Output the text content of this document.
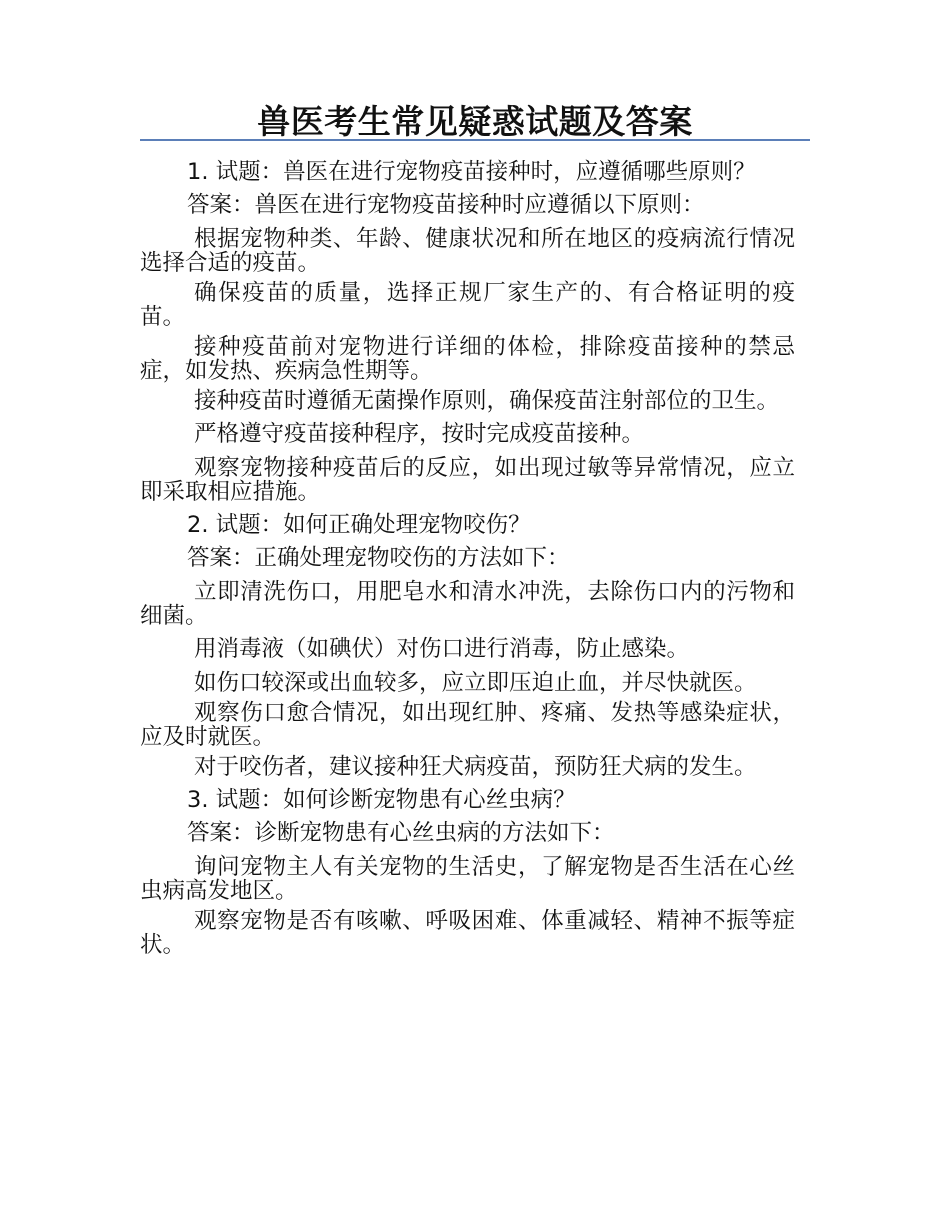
兽医考生常见疑惑试题及答案
1. 试题：兽医在进行宠物疫苗接种时，应遵循哪些原则？
答案：兽医在进行宠物疫苗接种时应遵循以下原则：
根据宠物种类、年龄、健康状况和所在地区的疫病流行情况选择合适的疫苗。
确保疫苗的质量，选择正规厂家生产的、有合格证明的疫苗。
接种疫苗前对宠物进行详细的体检，排除疫苗接种的禁忌症，如发热、疾病急性期等。
接种疫苗时遵循无菌操作原则，确保疫苗注射部位的卫生。
严格遵守疫苗接种程序，按时完成疫苗接种。
观察宠物接种疫苗后的反应，如出现过敏等异常情况，应立即采取相应措施。
2. 试题：如何正确处理宠物咬伤？
答案：正确处理宠物咬伤的方法如下：
立即清洗伤口，用肥皂水和清水冲洗，去除伤口内的污物和细菌。
用消毒液（如碘伏）对伤口进行消毒，防止感染。
如伤口较深或出血较多，应立即压迫止血，并尽快就医。
观察伤口愈合情况，如出现红肿、疼痛、发热等感染症状，应及时就医。
对于咬伤者，建议接种狂犬病疫苗，预防狂犬病的发生。
3. 试题：如何诊断宠物患有心丝虫病？
答案：诊断宠物患有心丝虫病的方法如下：
询问宠物主人有关宠物的生活史，了解宠物是否生活在心丝虫病高发地区。
观察宠物是否有咳嗽、呼吸困难、体重减轻、精神不振等症状。
